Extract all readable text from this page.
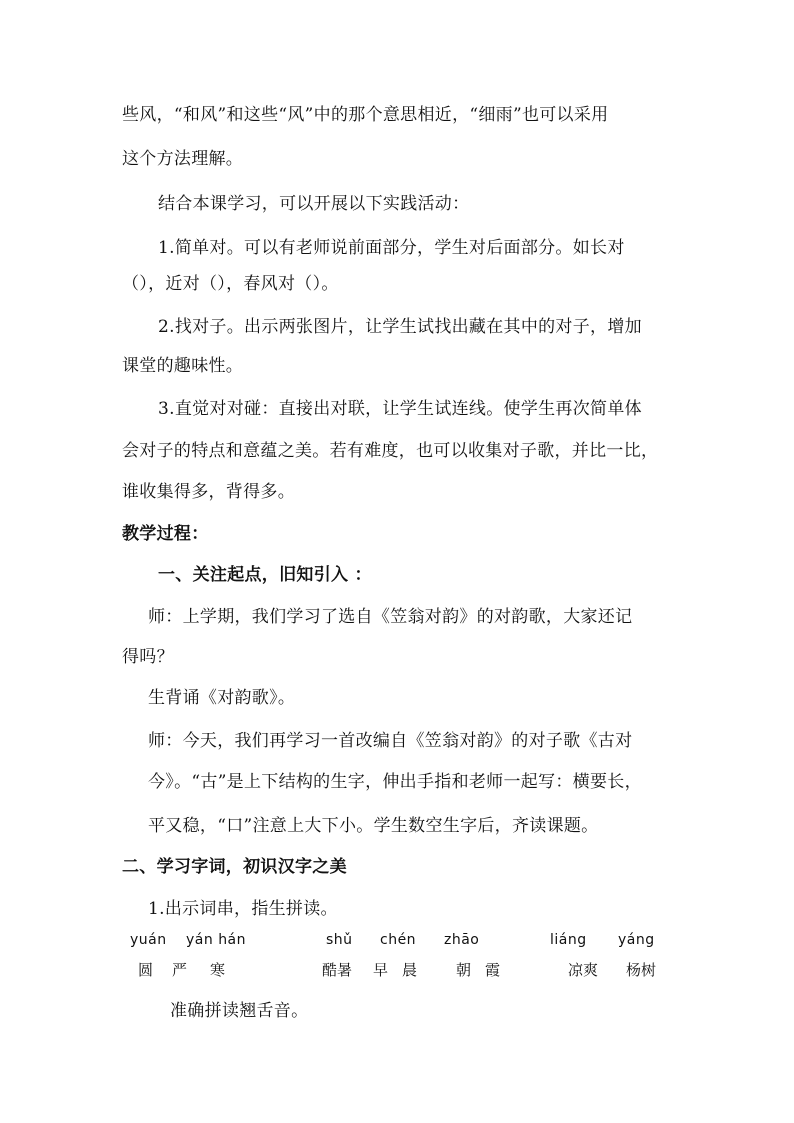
些风，“和风”和这些“风”中的那个意思相近，“细雨”也可以采用
这个方法理解。
结合本课学习，可以开展以下实践活动：
1.简单对。可以有老师说前面部分，学生对后面部分。如长对
（），近对（），春风对（）。
2.找对子。出示两张图片，让学生试找出藏在其中的对子，增加
课堂的趣味性。
3.直觉对对碰：直接出对联，让学生试连线。使学生再次简单体
会对子的特点和意蕴之美。若有难度，也可以收集对子歌，并比一比，
谁收集得多，背得多。
教学过程：
一、关注起点，旧知引入 ：
师：上学期，我们学习了选自《笠翁对韵》的对韵歌，大家还记
得吗？
生背诵《对韵歌》。
师：今天，我们再学习一首改编自《笠翁对韵》的对子歌《古对
今》。“古”是上下结构的生字，伸出手指和老师一起写：横要长，
平又稳，“口”注意上大下小。学生数空生字后，齐读课题。
二、学习字词，初识汉字之美
1.出示词串，指生拼读。
yuán yán hán	shǔ chén zhāo	liáng yáng
圆 严 寒	酷暑 早 晨	朝 霞	凉爽 杨树
准确拼读翘舌音。
